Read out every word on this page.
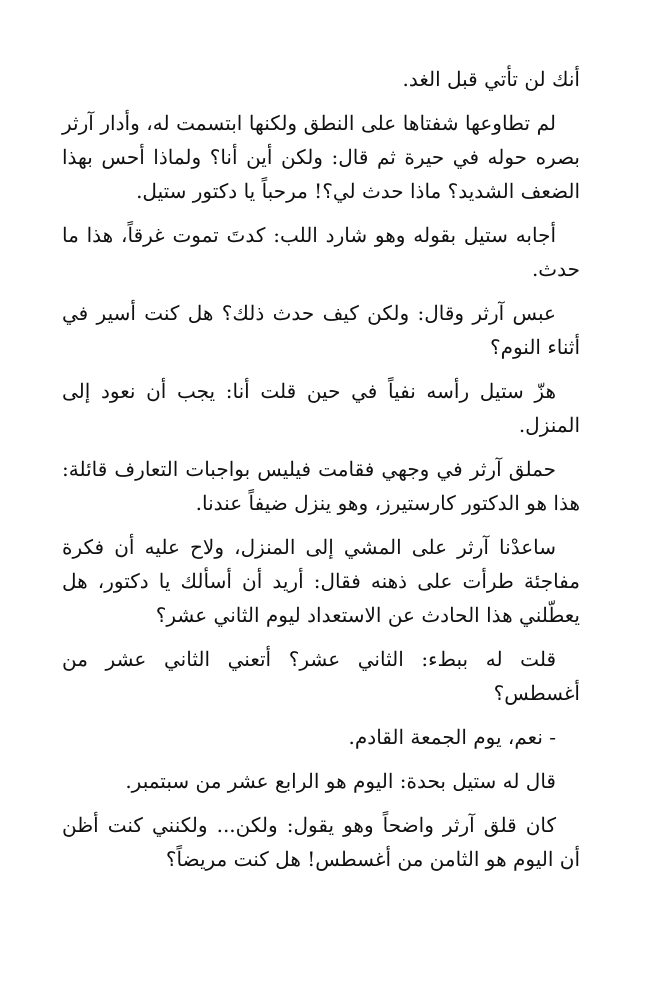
أنك لن تأتي قبل الغد.

لم تطاوعها شفتاها على النطق ولكنها ابتسمت له، وأدار آرثر بصره حوله في حيرة ثم قال: ولكن أين أنا؟ ولماذا أحس بهذا الضعف الشديد؟ ماذا حدث لي؟! مرحباً يا دكتور ستيل.

أجابه ستيل بقوله وهو شارد اللب: كدتَ تموت غرقاً، هذا ما حدث.

عبس آرثر وقال: ولكن كيف حدث ذلك؟ هل كنت أسير في أثناء النوم؟

هزّ ستيل رأسه نفياً في حين قلت أنا: يجب أن نعود إلى المنزل.

حملق آرثر في وجهي فقامت فيليس بواجبات التعارف قائلة: هذا هو الدكتور كارستيرز، وهو ينزل ضيفاً عندنا.

ساعدْنا آرثر على المشي إلى المنزل، ولاح عليه أن فكرة مفاجئة طرأت على ذهنه فقال: أريد أن أسألك يا دكتور، هل يعطّلني هذا الحادث عن الاستعداد ليوم الثاني عشر؟

قلت له ببطء: الثاني عشر؟ أتعني الثاني عشر من أغسطس؟

- نعم، يوم الجمعة القادم.

قال له ستيل بحدة: اليوم هو الرابع عشر من سبتمبر.

كان قلق آرثر واضحاً وهو يقول: ولكن... ولكنني كنت أظن أن اليوم هو الثامن من أغسطس! هل كنت مريضاً؟
